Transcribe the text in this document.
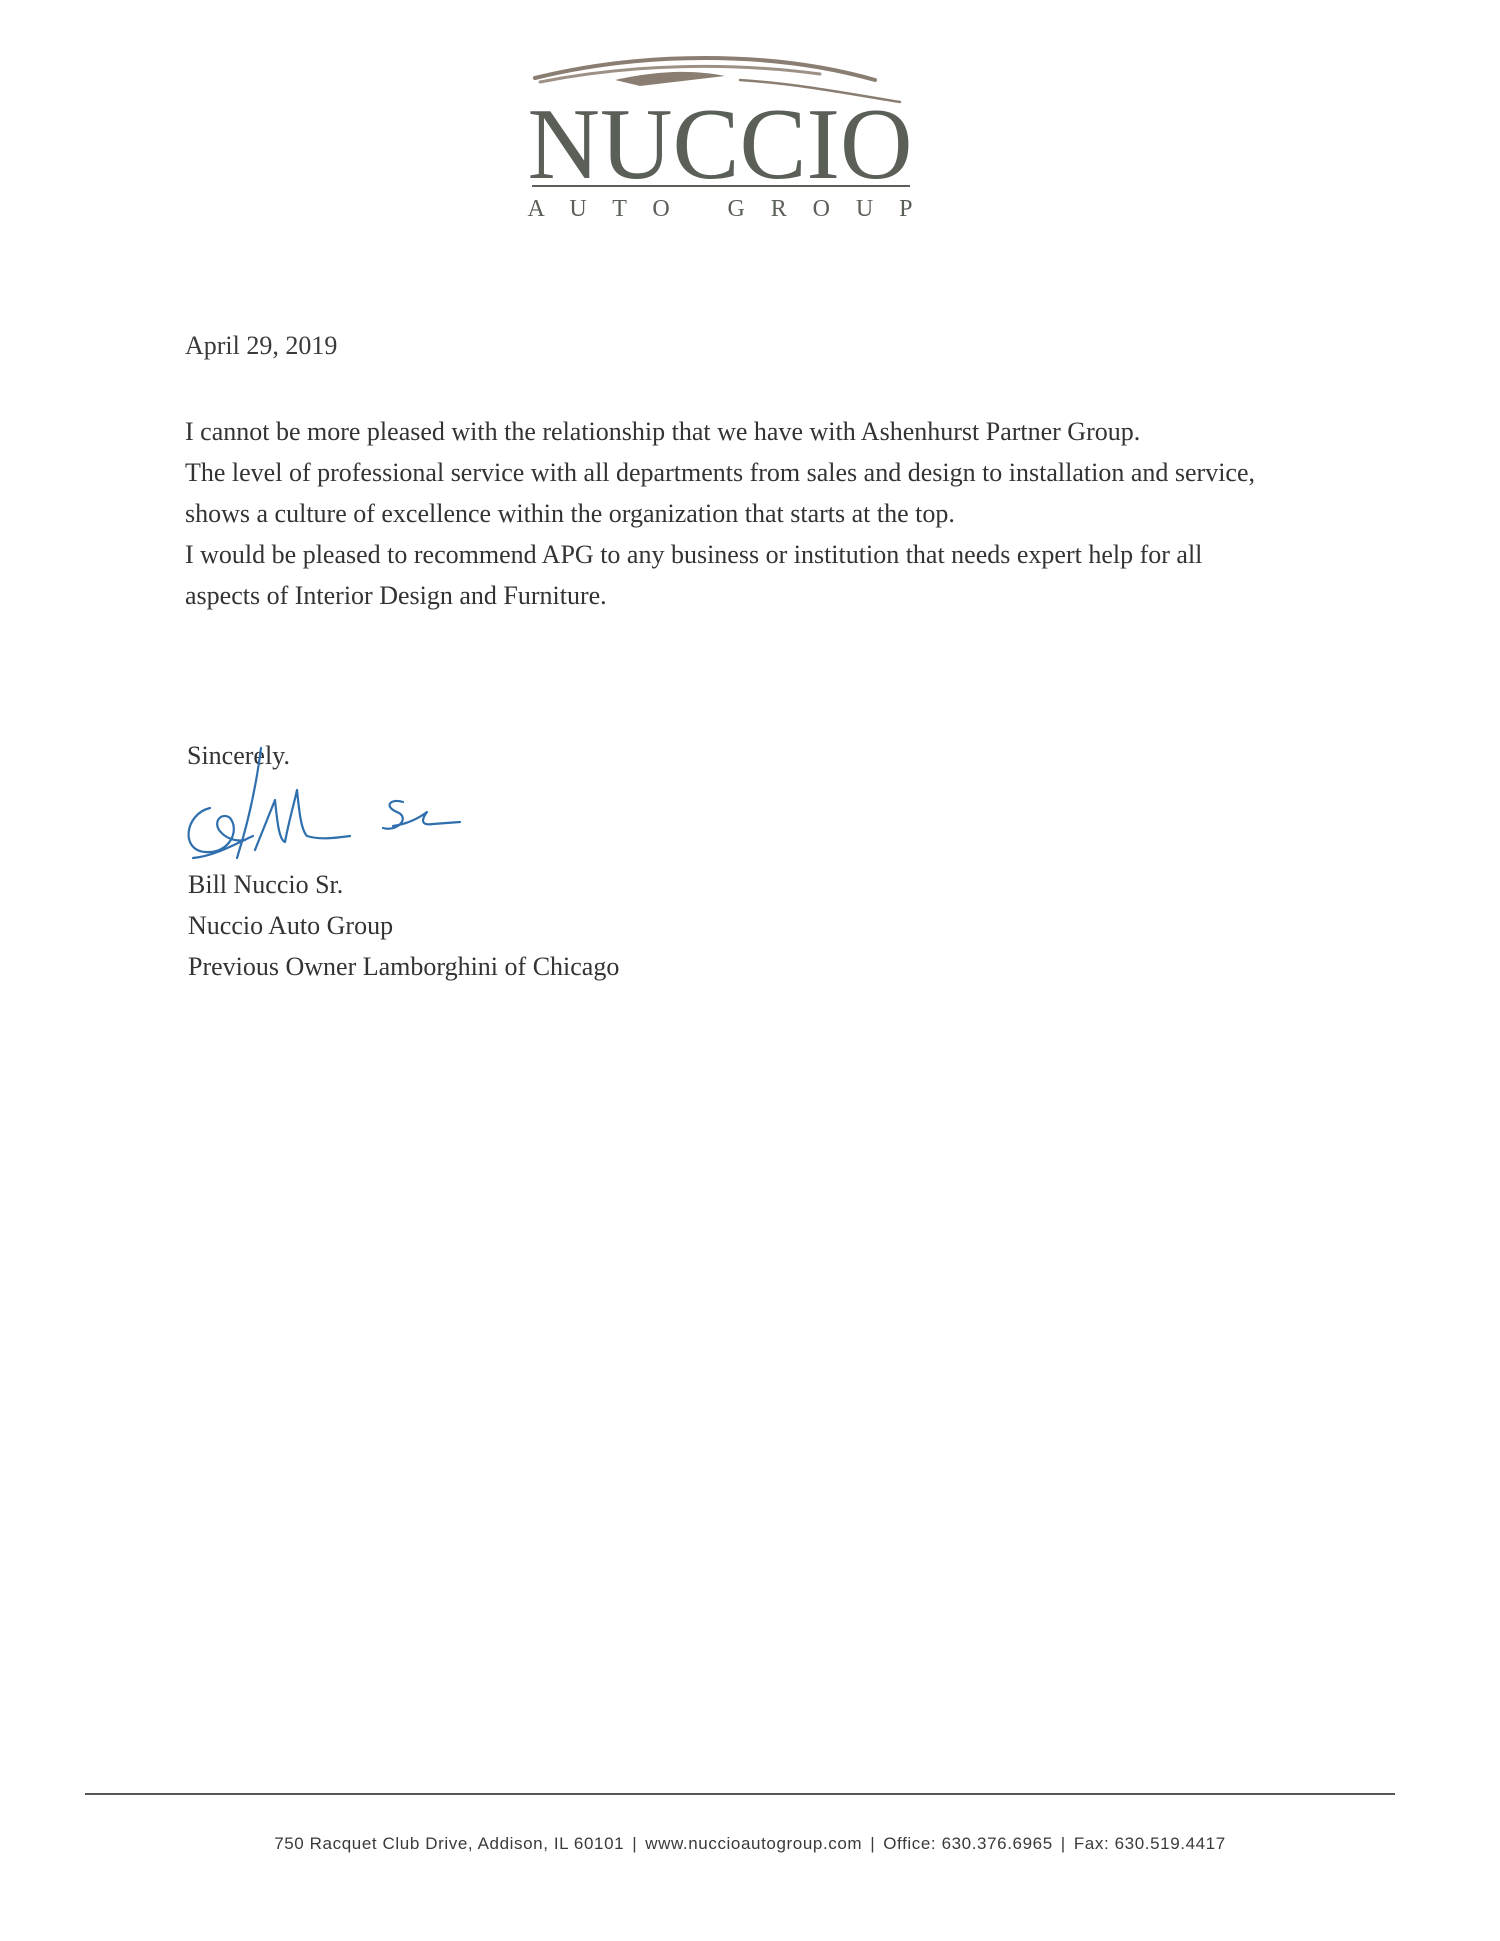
NUCCIO
A U T O   G R O U P
April 29, 2019

I cannot be more pleased with the relationship that we have with Ashenhurst Partner Group.

The level of professional service with all departments from sales and design to installation and service, shows a culture of excellence within the organization that starts at the top.

I would be pleased to recommend APG to any business or institution that needs expert help for all aspects of Interior Design and Furniture.

Sincerely.
Bill Nuccio Sr.
Nuccio Auto Group
Previous Owner Lamborghini of Chicago
750 Racquet Club Drive, Addison, IL 60101 | www.nuccioautogroup.com | Office: 630.376.6965 | Fax: 630.519.4417
